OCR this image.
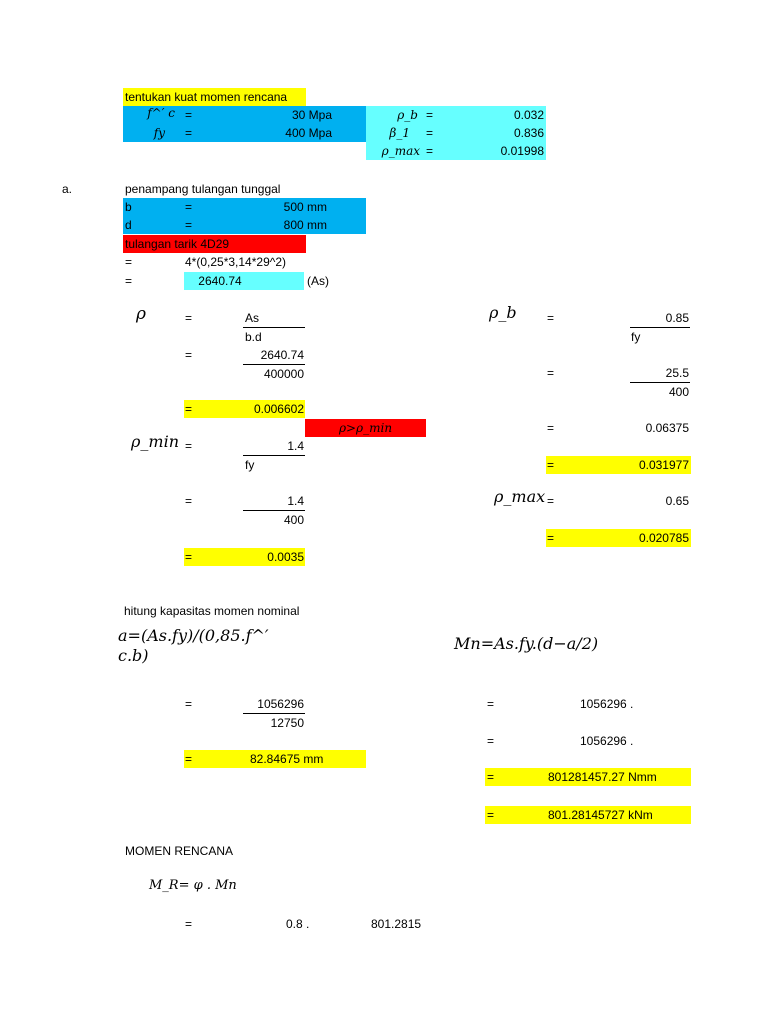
tentukan kuat momen rencana
f^′ c =	30 Mpa
fy =	400 Mpa
ρ_b =	0.032
β_1 =	0.836
ρ_max =	0.01998
a.	penampang tulangan tunggal
b	=	500 mm
d	=	800 mm
tulangan tarik 4D29
=	4*(0,25*3,14*29^2)
=	2640.74	(As)
ρ	=	As
b.d
=	2640.74
400000
=	0.006602
ρ>ρ_min
ρ_min =	1.4
fy
=	1.4
400
=	0.0035
ρ_b	=	0.85
fy
=	25.5
400
=	0.06375
=	0.031977
ρ_max =	0.65
=	0.020785
hitung kapasitas momen nominal
a=(As.fy)/(0,85.f^′
c.b)
Mn=As.fy.(d−a/2)
=	1056296
12750
=	82.84675 mm
=	1056296 .
=	1056296 .
=	801281457.27 Nmm
=	801.28145727 kNm
MOMEN RENCANA
M_R= φ . Mn
=	0.8 .	801.2815
